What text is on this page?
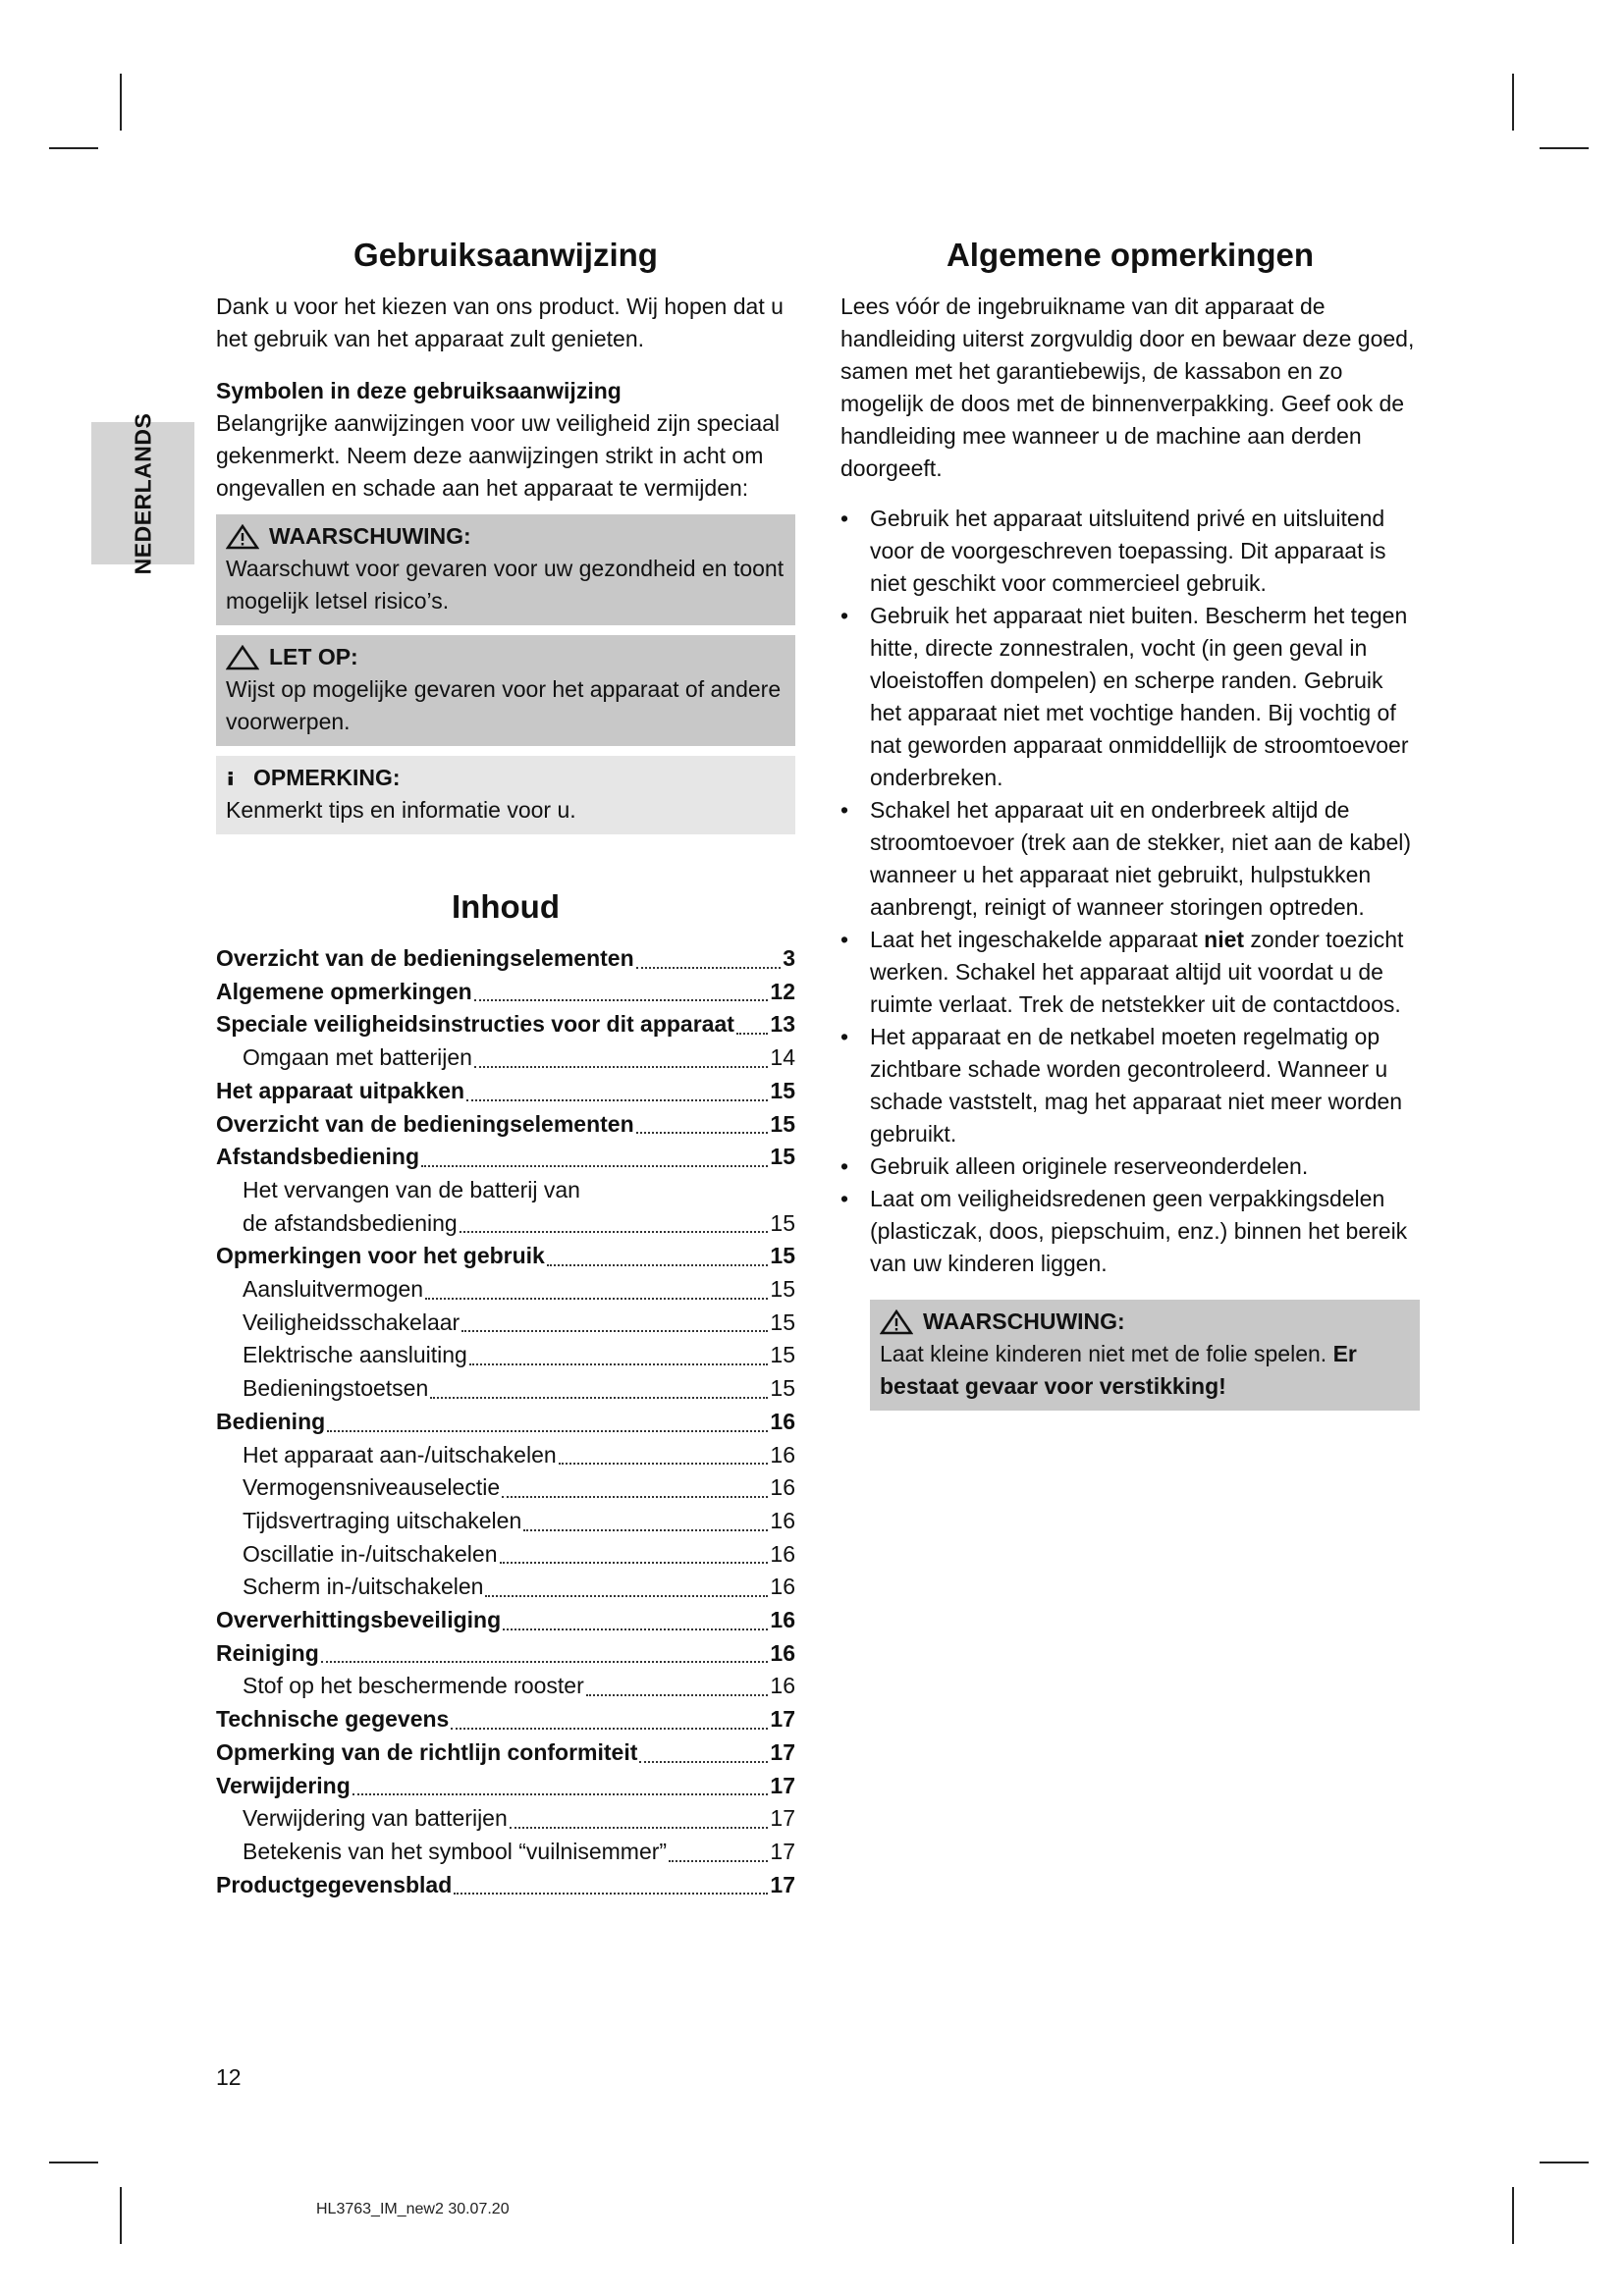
NEDERLANDS
Gebruiksaanwijzing

Dank u voor het kiezen van ons product. Wij hopen dat u het gebruik van het apparaat zult genieten.

Symbolen in deze gebruiksaanwijzing

Belangrijke aanwijzingen voor uw veiligheid zijn speciaal gekenmerkt. Neem deze aanwijzingen strikt in acht om ongevallen en schade aan het apparaat te vermijden:

WAARSCHUWING:
Waarschuwt voor gevaren voor uw gezondheid en toont mogelijk letsel risico’s.
LET OP:
Wijst op mogelijke gevaren voor het apparaat of andere voorwerpen.
OPMERKING:
Kenmerkt tips en informatie voor u.
Inhoud
Overzicht van de bedieningselementen	3
Algemene opmerkingen	12
Speciale veiligheidsinstructies voor dit apparaat 13
Omgaan met batterijen	14
Het apparaat uitpakken	15
Overzicht van de bedieningselementen	15
Afstandsbediening	15
Het vervangen van de batterij van
de afstandsbediening	15
Opmerkingen voor het gebruik	15
Aansluitvermogen	15
Veiligheidsschakelaar	15
Elektrische aansluiting	15
Bedieningstoetsen	15
Bediening	16
Het apparaat aan-/uitschakelen	16
Vermogensniveauselectie	16
Tijdsvertraging uitschakelen	16
Oscillatie in-/uitschakelen	16
Scherm in-/uitschakelen	16
Oververhittingsbeveiliging	16
Reiniging	16
Stof op het beschermende rooster	16
Technische gegevens	17
Opmerking van de richtlijn conformiteit	17
Verwijdering	17
Verwijdering van batterijen	17
Betekenis van het symbool “vuilnisemmer”	17
Productgegevensblad	17
Algemene opmerkingen

Lees vóór de ingebruikname van dit apparaat de handleiding uiterst zorgvuldig door en bewaar deze goed, samen met het garantiebewijs, de kassabon en zo mogelijk de doos met de binnenverpakking. Geef ook de handleiding mee wanneer u de machine aan derden doorgeeft.

• Gebruik het apparaat uitsluitend privé en uitsluitend voor de voorgeschreven toepassing. Dit apparaat is niet geschikt voor commercieel gebruik.
• Gebruik het apparaat niet buiten. Bescherm het tegen hitte, directe zonnestralen, vocht (in geen geval in vloeistoffen dompelen) en scherpe randen. Gebruik het apparaat niet met vochtige handen. Bij vochtig of nat geworden apparaat onmiddellijk de stroomtoevoer onderbreken.
• Schakel het apparaat uit en onderbreek altijd de stroomtoevoer (trek aan de stekker, niet aan de kabel) wanneer u het apparaat niet gebruikt, hulpstukken aanbrengt, reinigt of wanneer storingen optreden.
• Laat het ingeschakelde apparaat niet zonder toezicht werken. Schakel het apparaat altijd uit voordat u de ruimte verlaat. Trek de netstekker uit de contactdoos.
• Het apparaat en de netkabel moeten regelmatig op zichtbare schade worden gecontroleerd. Wanneer u schade vaststelt, mag het apparaat niet meer worden gebruikt.
• Gebruik alleen originele reserveonderdelen.
• Laat om veiligheidsredenen geen verpakkingsdelen (plasticzak, doos, piepschuim, enz.) binnen het bereik van uw kinderen liggen.
WAARSCHUWING:
Laat kleine kinderen niet met de folie spelen. Er bestaat gevaar voor verstikking!
12
HL3763_IM_new2 30.07.20
